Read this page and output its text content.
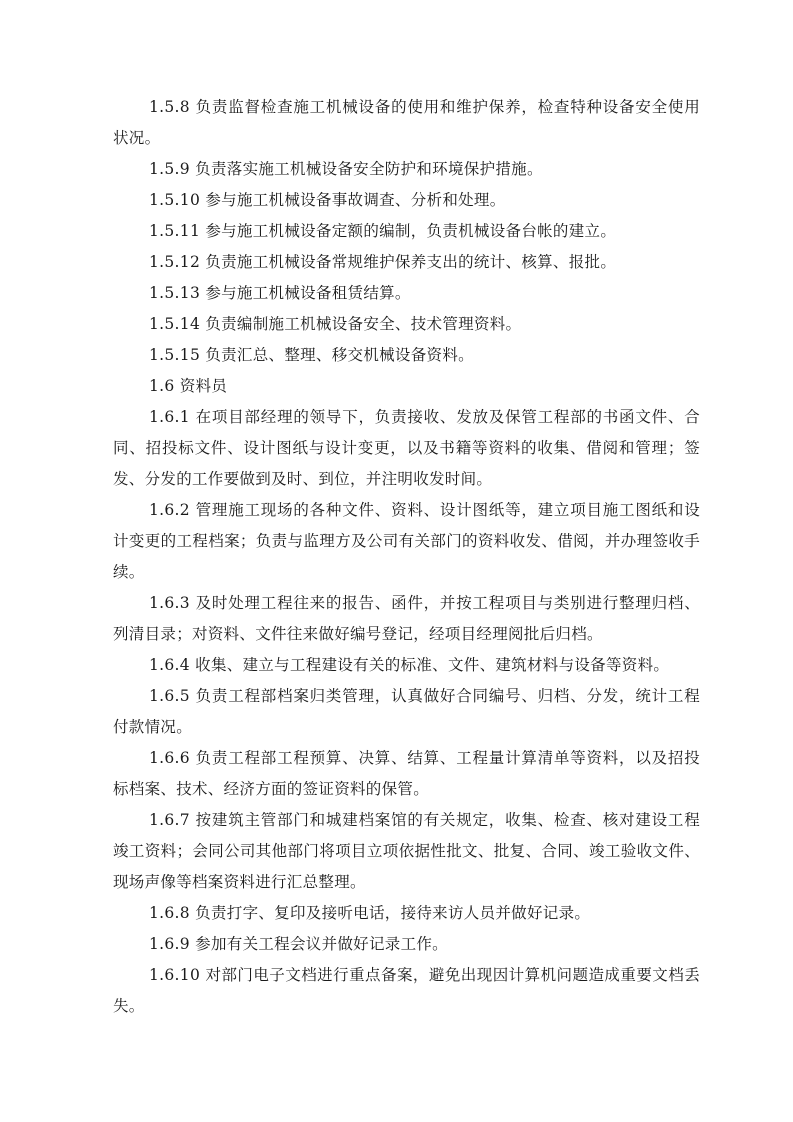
1.5.8 负责监督检查施工机械设备的使用和维护保养，检查特种设备安全使用状况。

1.5.9 负责落实施工机械设备安全防护和环境保护措施。

1.5.10 参与施工机械设备事故调查、分析和处理。

1.5.11 参与施工机械设备定额的编制，负责机械设备台帐的建立。

1.5.12 负责施工机械设备常规维护保养支出的统计、核算、报批。

1.5.13 参与施工机械设备租赁结算。

1.5.14 负责编制施工机械设备安全、技术管理资料。

1.5.15 负责汇总、整理、移交机械设备资料。

1.6 资料员

1.6.1 在项目部经理的领导下，负责接收、发放及保管工程部的书函文件、合同、招投标文件、设计图纸与设计变更，以及书籍等资料的收集、借阅和管理；签发、分发的工作要做到及时、到位，并注明收发时间。

1.6.2 管理施工现场的各种文件、资料、设计图纸等，建立项目施工图纸和设计变更的工程档案；负责与监理方及公司有关部门的资料收发、借阅，并办理签收手续。

1.6.3 及时处理工程往来的报告、函件，并按工程项目与类别进行整理归档、列清目录；对资料、文件往来做好编号登记，经项目经理阅批后归档。

1.6.4 收集、建立与工程建设有关的标准、文件、建筑材料与设备等资料。

1.6.5 负责工程部档案归类管理，认真做好合同编号、归档、分发，统计工程付款情况。

1.6.6 负责工程部工程预算、决算、结算、工程量计算清单等资料，以及招投标档案、技术、经济方面的签证资料的保管。

1.6.7 按建筑主管部门和城建档案馆的有关规定，收集、检查、核对建设工程竣工资料；会同公司其他部门将项目立项依据性批文、批复、合同、竣工验收文件、现场声像等档案资料进行汇总整理。

1.6.8 负责打字、复印及接听电话，接待来访人员并做好记录。

1.6.9 参加有关工程会议并做好记录工作。

1.6.10 对部门电子文档进行重点备案，避免出现因计算机问题造成重要文档丢失。
